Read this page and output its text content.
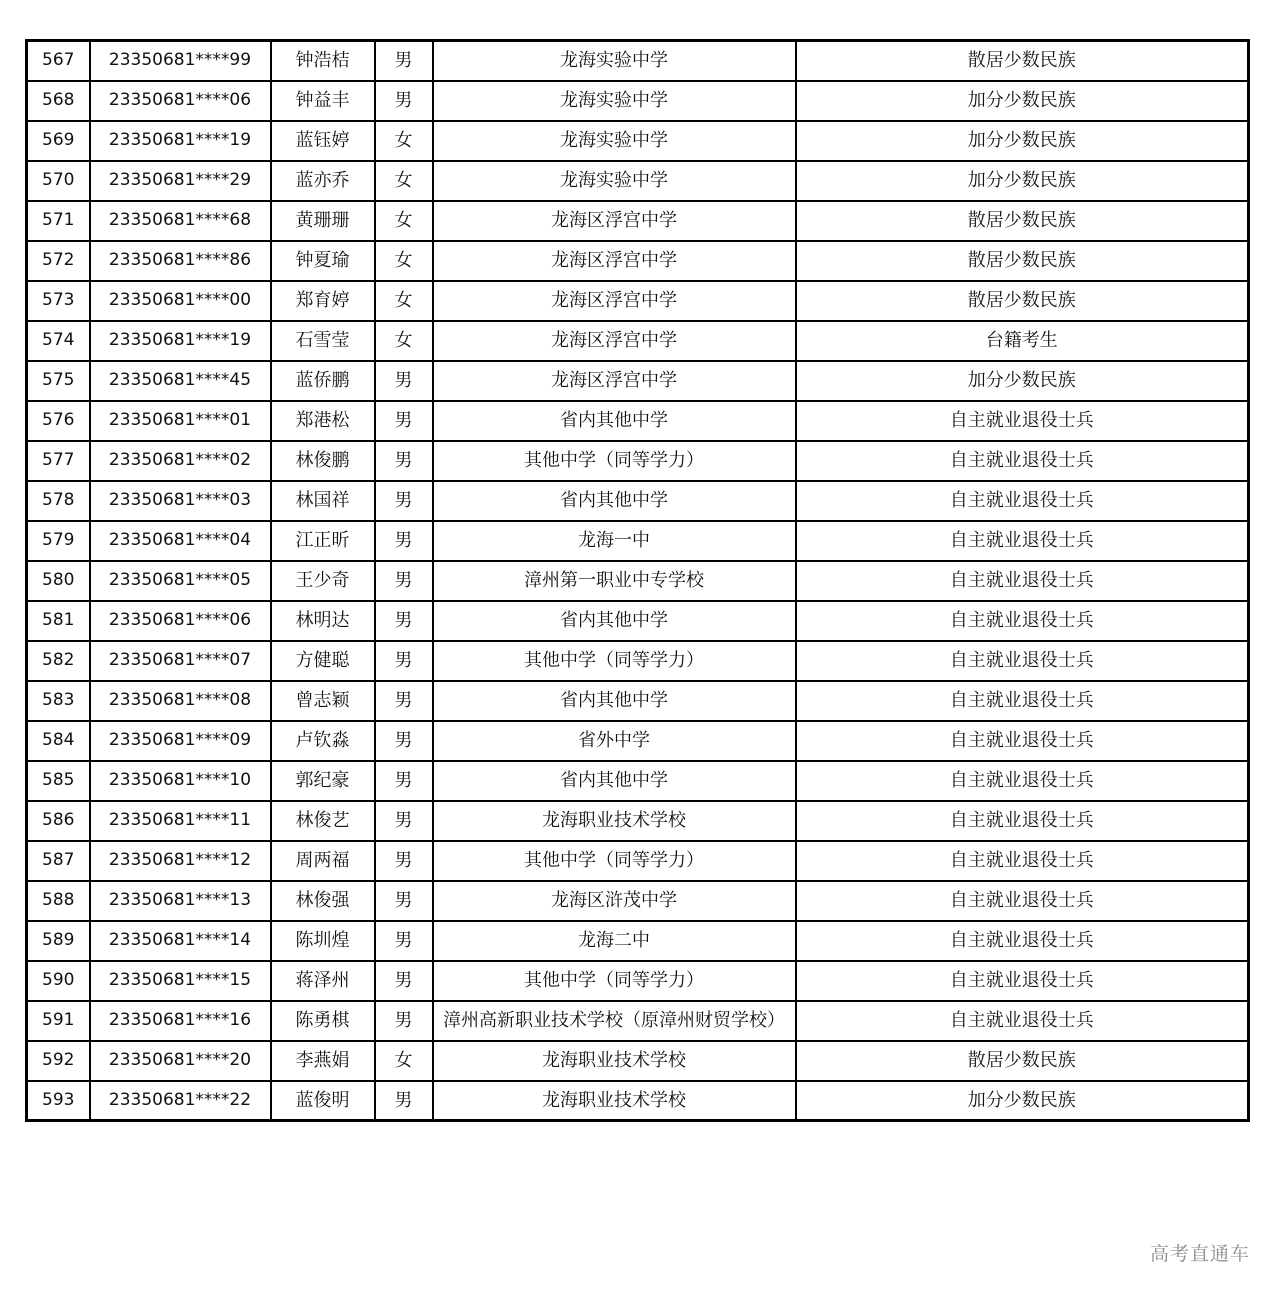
567	23350681****99	钟浩桔	男	龙海实验中学	散居少数民族
568	23350681****06	钟益丰	男	龙海实验中学	加分少数民族
569	23350681****19	蓝钰婷	女	龙海实验中学	加分少数民族
570	23350681****29	蓝亦乔	女	龙海实验中学	加分少数民族
571	23350681****68	黄珊珊	女	龙海区浮宫中学	散居少数民族
572	23350681****86	钟夏瑜	女	龙海区浮宫中学	散居少数民族
573	23350681****00	郑育婷	女	龙海区浮宫中学	散居少数民族
574	23350681****19	石雪莹	女	龙海区浮宫中学	台籍考生
575	23350681****45	蓝侨鹏	男	龙海区浮宫中学	加分少数民族
576	23350681****01	郑港松	男	省内其他中学	自主就业退役士兵
577	23350681****02	林俊鹏	男	其他中学（同等学力）	自主就业退役士兵
578	23350681****03	林国祥	男	省内其他中学	自主就业退役士兵
579	23350681****04	江正昕	男	龙海一中	自主就业退役士兵
580	23350681****05	王少奇	男	漳州第一职业中专学校	自主就业退役士兵
581	23350681****06	林明达	男	省内其他中学	自主就业退役士兵
582	23350681****07	方健聪	男	其他中学（同等学力）	自主就业退役士兵
583	23350681****08	曾志颖	男	省内其他中学	自主就业退役士兵
584	23350681****09	卢钦淼	男	省外中学	自主就业退役士兵
585	23350681****10	郭纪豪	男	省内其他中学	自主就业退役士兵
586	23350681****11	林俊艺	男	龙海职业技术学校	自主就业退役士兵
587	23350681****12	周两福	男	其他中学（同等学力）	自主就业退役士兵
588	23350681****13	林俊强	男	龙海区浒茂中学	自主就业退役士兵
589	23350681****14	陈圳煌	男	龙海二中	自主就业退役士兵
590	23350681****15	蒋泽州	男	其他中学（同等学力）	自主就业退役士兵
591	23350681****16	陈勇棋	男	漳州高新职业技术学校（原漳州财贸学校）	自主就业退役士兵
592	23350681****20	李燕娟	女	龙海职业技术学校	散居少数民族
593	23350681****22	蓝俊明	男	龙海职业技术学校	加分少数民族
高考直通车
